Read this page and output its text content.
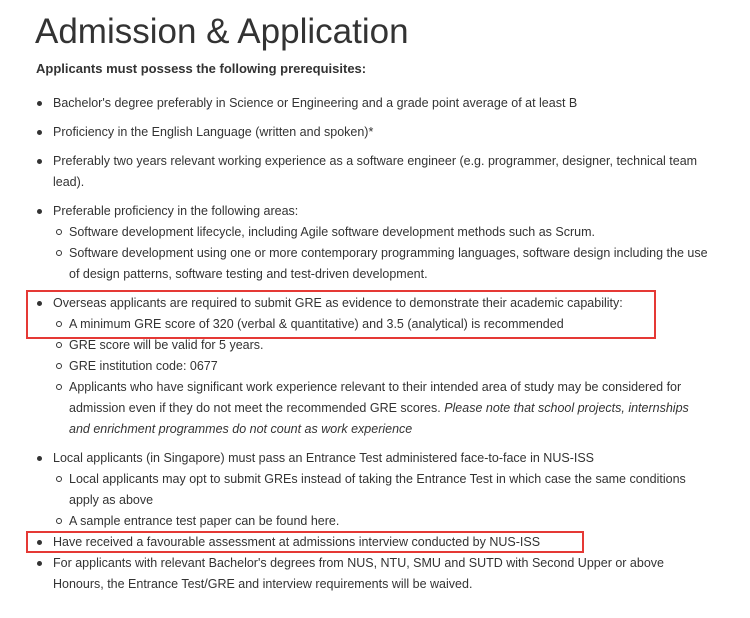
Admission & Application

Applicants must possess the following prerequisites:

Bachelor's degree preferably in Science or Engineering and a grade point average of at least B
Proficiency in the English Language (written and spoken)*
Preferably two years relevant working experience as a software engineer (e.g. programmer, designer, technical team
lead).
Preferable proficiency in the following areas:
Software development lifecycle, including Agile software development methods such as Scrum.
Software development using one or more contemporary programming languages, software design including the use
of design patterns, software testing and test-driven development.
Overseas applicants are required to submit GRE as evidence to demonstrate their academic capability:
A minimum GRE score of 320 (verbal & quantitative) and 3.5 (analytical) is recommended
GRE score will be valid for 5 years.
GRE institution code: 0677
Applicants who have significant work experience relevant to their intended area of study may be considered for
admission even if they do not meet the recommended GRE scores. Please note that school projects, internships
and enrichment programmes do not count as work experience
Local applicants (in Singapore) must pass an Entrance Test administered face-to-face in NUS-ISS
Local applicants may opt to submit GREs instead of taking the Entrance Test in which case the same conditions
apply as above
A sample entrance test paper can be found here.
Have received a favourable assessment at admissions interview conducted by NUS-ISS
For applicants with relevant Bachelor's degrees from NUS, NTU, SMU and SUTD with Second Upper or above
Honours, the Entrance Test/GRE and interview requirements will be waived.
